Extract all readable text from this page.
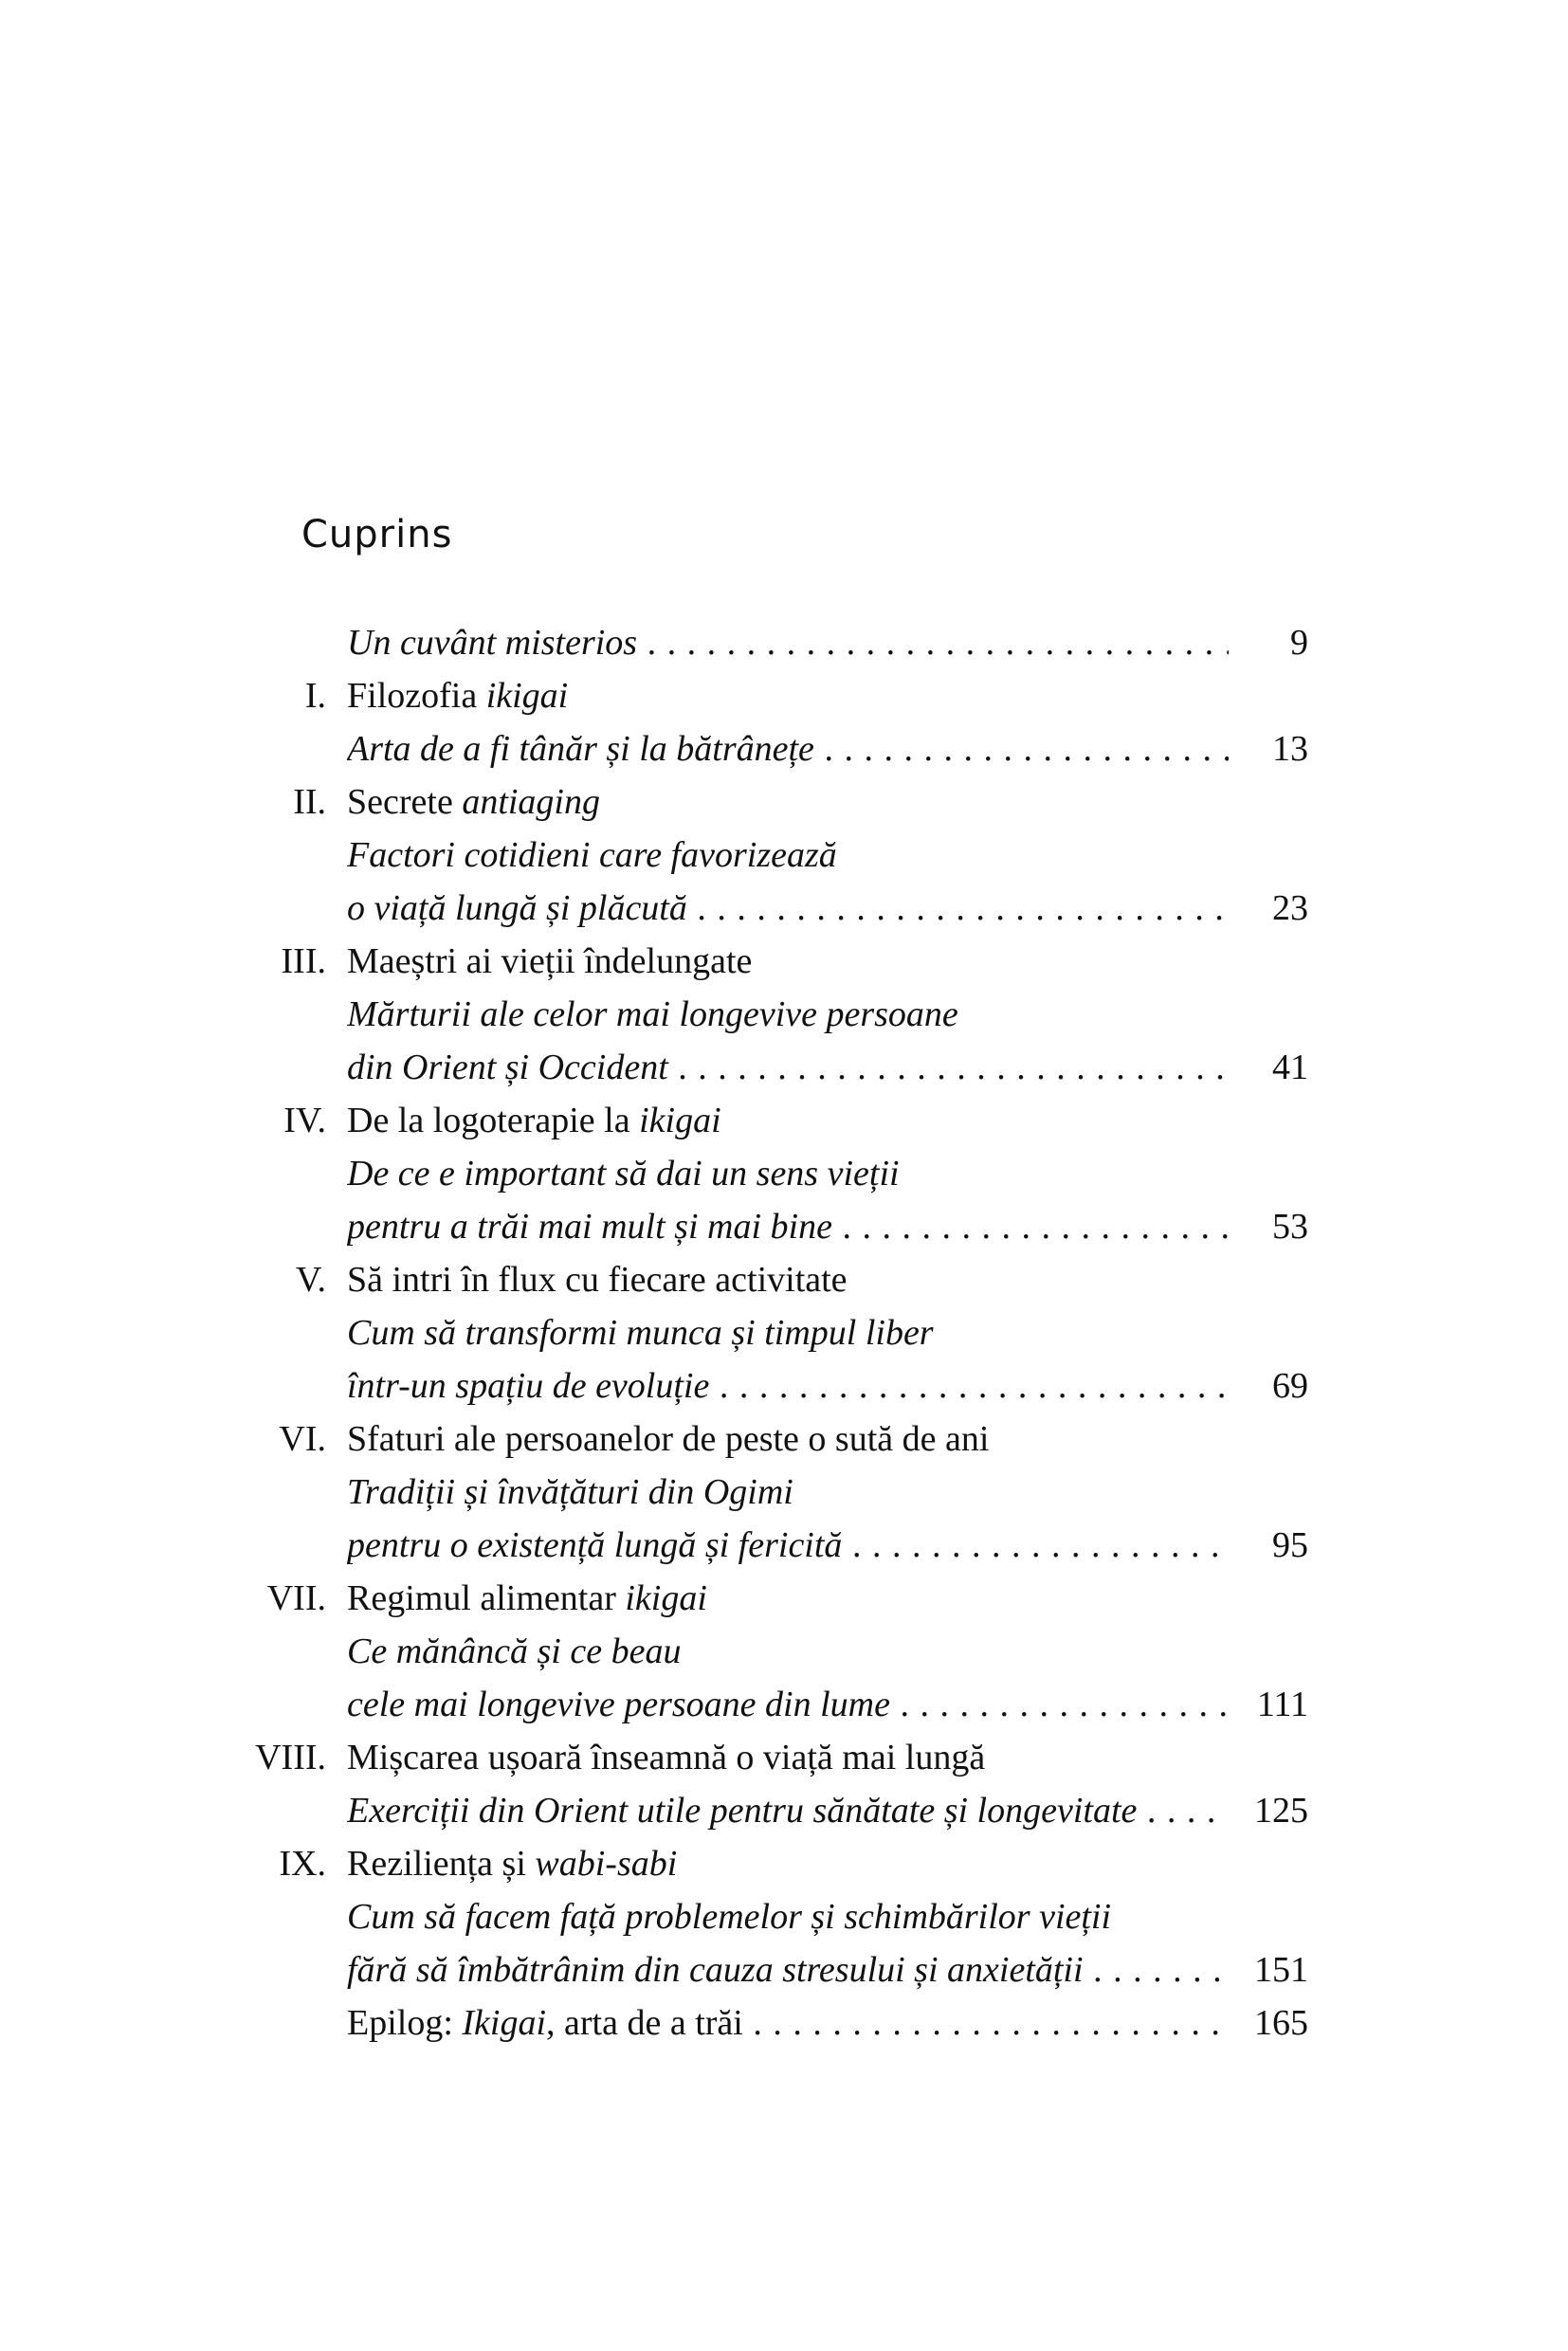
Cuprins
Un cuvânt misterios . . .	9
I. Filozofia ikigai
Arta de a fi tânăr și la bătrânețe . . .	13
II. Secrete antiaging
Factori cotidieni care favorizează
o viață lungă și plăcută . . .	23
III. Maeștri ai vieții îndelungate
Mărturii ale celor mai longevive persoane
din Orient și Occident . . .	41
IV. De la logoterapie la ikigai
De ce e important să dai un sens vieții
pentru a trăi mai mult și mai bine . . .	53
V. Să intri în flux cu fiecare activitate
Cum să transformi munca și timpul liber
într-un spațiu de evoluție . . .	69
VI. Sfaturi ale persoanelor de peste o sută de ani
Tradiții și învățături din Ogimi
pentru o existență lungă și fericită . . .	95
VII. Regimul alimentar ikigai
Ce mănâncă și ce beau
cele mai longevive persoane din lume . . .	111
VIII. Mișcarea ușoară înseamnă o viață mai lungă
Exerciții din Orient utile pentru sănătate și longevitate . . .	125
IX. Reziliența și wabi-sabi
Cum să facem față problemelor și schimbărilor vieții
fără să îmbătrânim din cauza stresului și anxietății . . .	151
Epilog: Ikigai, arta de a trăi . . .	165
